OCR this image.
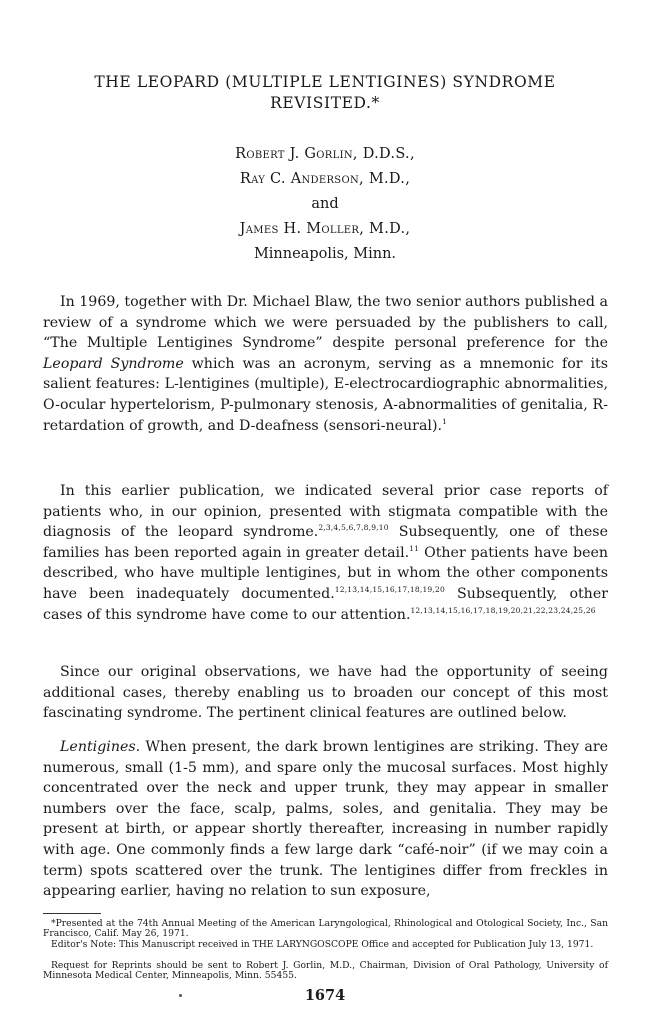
THE LEOPARD (MULTIPLE LENTIGINES) SYNDROME
REVISITED.*
Robert J. Gorlin, D.D.S.,
Ray C. Anderson, M.D.,
and
James H. Moller, M.D.,
Minneapolis, Minn.

In 1969, together with Dr. Michael Blaw, the two senior authors published a review of a syndrome which we were persuaded by the publishers to call, “The Multiple Lentigines Syndrome” despite personal preference for the Leopard Syndrome which was an acronym, serving as a mnemonic for its salient features: L-lentigines (multiple), E-electrocardiographic abnormalities, O-ocular hypertelorism, P-pulmonary stenosis, A-abnormalities of genitalia, R-retardation of growth, and D-deafness (sensori-neural).$^1$

In this earlier publication, we indicated several prior case reports of patients who, in our opinion, presented with stigmata compatible with the diagnosis of the leopard syndrome.$^{2,3,4,5,6,7,8,9,10}$ Subsequently, one of these families has been reported again in greater detail.$^{11}$ Other patients have been described, who have multiple lentigines, but in whom the other components have been inadequately documented.$^{12,13,14,15,16,17,18,19,20}$ Subsequently, other cases of this syndrome have come to our attention.$^{12,13,14,15,16,17,18,19,20,21,22,23,24,25,26}$

Since our original observations, we have had the opportunity of seeing additional cases, thereby enabling us to broaden our concept of this most fascinating syndrome. The pertinent clinical features are outlined below.

Lentigines. When present, the dark brown lentigines are striking. They are numerous, small (1-5 mm), and spare only the mucosal surfaces. Most highly concentrated over the neck and upper trunk, they may appear in smaller numbers over the face, scalp, palms, soles, and genitalia. They may be present at birth, or appear shortly thereafter, increasing in number rapidly with age. One commonly finds a few large dark “café-noir” (if we may coin a term) spots scattered over the trunk. The lentigines differ from freckles in appearing earlier, having no relation to sun exposure,

*Presented at the 74th Annual Meeting of the American Laryngological, Rhinological and Otological Society, Inc., San Francisco, Calif. May 26, 1971.

Editor's Note: This Manuscript received in THE LARYNGOSCOPE Office and accepted for Publication July 13, 1971.

Request for Reprints should be sent to Robert J. Gorlin, M.D., Chairman, Division of Oral Pathology, University of Minnesota Medical Center, Minneapolis, Minn. 55455.

1674
